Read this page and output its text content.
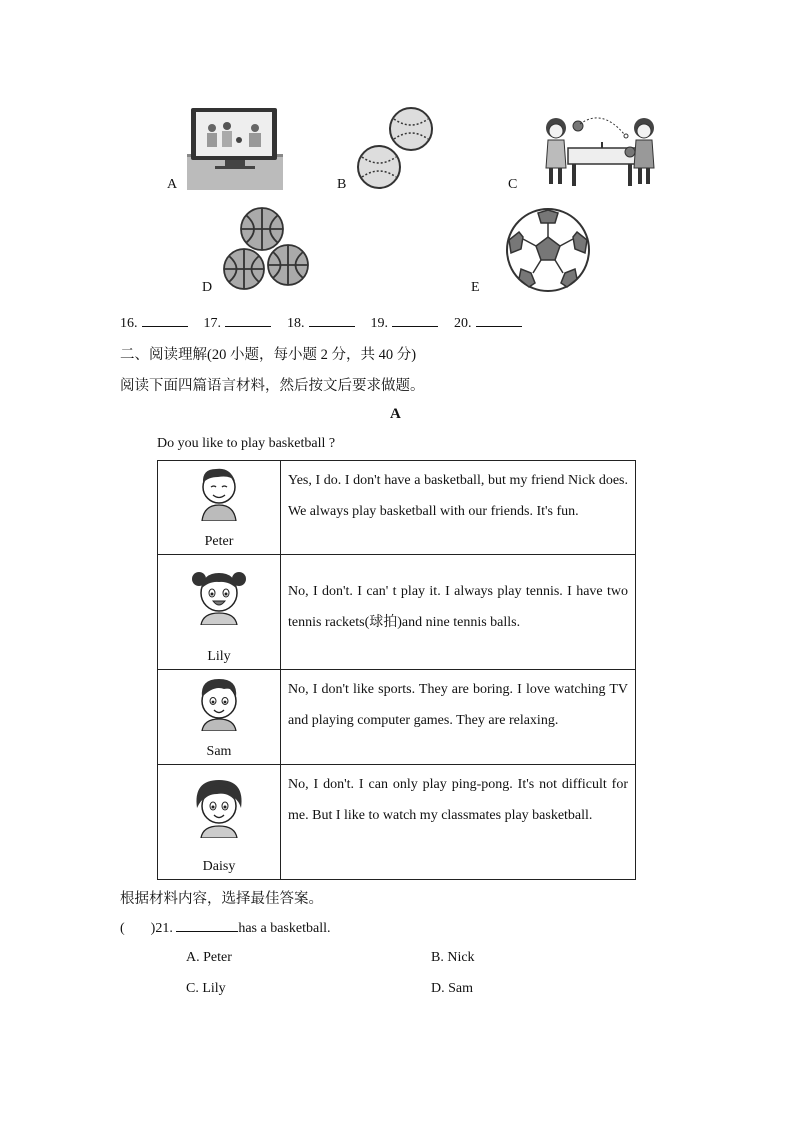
A	B	C
D	E
16.	17.	18.	19.	20.
二、阅读理解(20 小题，每小题 2 分，共 40 分)
阅读下面四篇语言材料，然后按文后要求做题。
A
Do you like to play basketball ?
Peter	Yes, I do. I don't have a basketball, but my friend Nick does. We always play basketball with our friends. It's fun.

Lily	No, I don't. I can' t play it. I always play tennis. I have two tennis rackets(球拍)and nine tennis balls.

Sam	No, I don't like sports. They are boring. I love watching TV and playing computer games. They are relaxing.

Daisy	No, I don't. I can only play ping-pong. It's not difficult for me. But I like to watch my classmates play basketball.
根据材料内容，选择最佳答案。
( )21.	has a basketball.
A. Peter	B. Nick
C. Lily	D. Sam
